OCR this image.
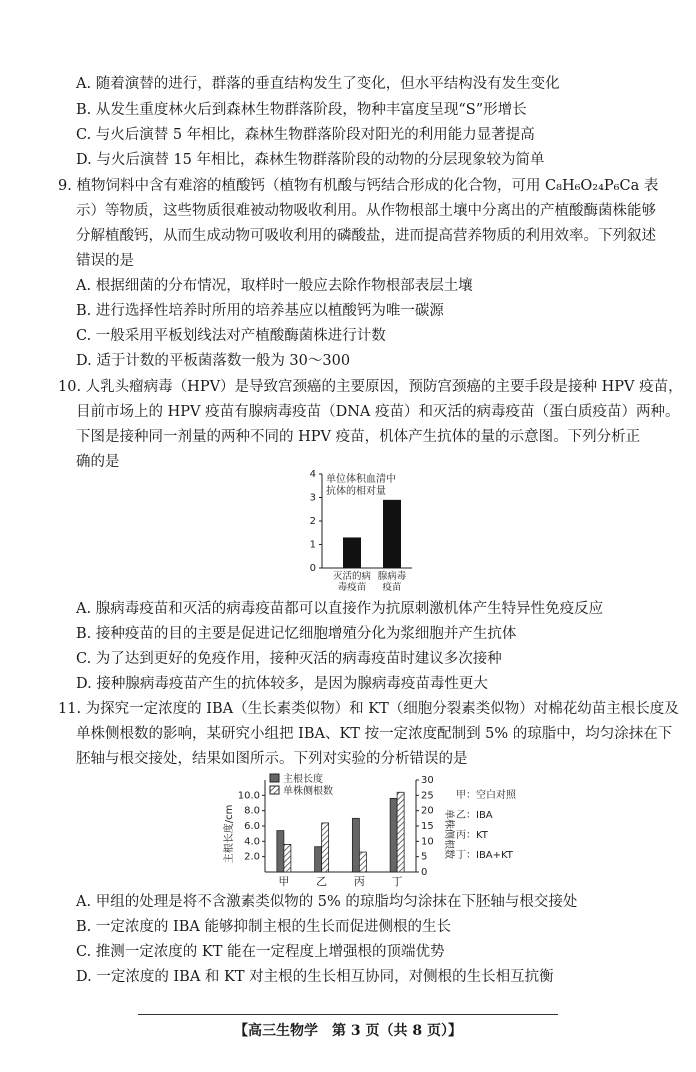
A. 随着演替的进行，群落的垂直结构发生了变化，但水平结构没有发生变化
B. 从发生重度林火后到森林生物群落阶段，物种丰富度呈现“S”形增长
C. 与火后演替 5 年相比，森林生物群落阶段对阳光的利用能力显著提高
D. 与火后演替 15 年相比，森林生物群落阶段的动物的分层现象较为简单
9. 植物饲料中含有难溶的植酸钙（植物有机酸与钙结合形成的化合物，可用 C₈H₆O₂₄P₆Ca 表
示）等物质，这些物质很难被动物吸收利用。从作物根部土壤中分离出的产植酸酶菌株能够
分解植酸钙，从而生成动物可吸收利用的磷酸盐，进而提高营养物质的利用效率。下列叙述
错误的是
A. 根据细菌的分布情况，取样时一般应去除作物根部表层土壤
B. 进行选择性培养时所用的培养基应以植酸钙为唯一碳源
C. 一般采用平板划线法对产植酸酶菌株进行计数
D. 适于计数的平板菌落数一般为 30～300
10. 人乳头瘤病毒（HPV）是导致宫颈癌的主要原因，预防宫颈癌的主要手段是接种 HPV 疫苗，
目前市场上的 HPV 疫苗有腺病毒疫苗（DNA 疫苗）和灭活的病毒疫苗（蛋白质疫苗）两种。
下图是接种同一剂量的两种不同的 HPV 疫苗，机体产生抗体的量的示意图。下列分析正
确的是
单位体积血清中
抗体的相对量
0
1
2
3
4
灭活的病
毒疫苗
腺病毒
疫苗
A. 腺病毒疫苗和灭活的病毒疫苗都可以直接作为抗原刺激机体产生特异性免疫反应
B. 接种疫苗的目的主要是促进记忆细胞增殖分化为浆细胞并产生抗体
C. 为了达到更好的免疫作用，接种灭活的病毒疫苗时建议多次接种
D. 接种腺病毒疫苗产生的抗体较多，是因为腺病毒疫苗毒性更大
11. 为探究一定浓度的 IBA（生长素类似物）和 KT（细胞分裂素类似物）对棉花幼苗主根长度及
单株侧根数的影响，某研究小组把 IBA、KT 按一定浓度配制到 5% 的琼脂中，均匀涂抹在下
胚轴与根交接处，结果如图所示。下列对实验的分析错误的是
主根长度/cm	单株侧根数
主根长度
单株侧根数
2.0
4.0
6.0
8.0
10.0
0
5
10
15
20
25
30
甲 乙 丙 丁
甲：空白对照
乙：IBA
丙：KT
丁：IBA+KT
A. 甲组的处理是将不含激素类似物的 5% 的琼脂均匀涂抹在下胚轴与根交接处
B. 一定浓度的 IBA 能够抑制主根的生长而促进侧根的生长
C. 推测一定浓度的 KT 能在一定程度上增强根的顶端优势
D. 一定浓度的 IBA 和 KT 对主根的生长相互协同，对侧根的生长相互抗衡
【高三生物学　第 3 页（共 8 页）】
